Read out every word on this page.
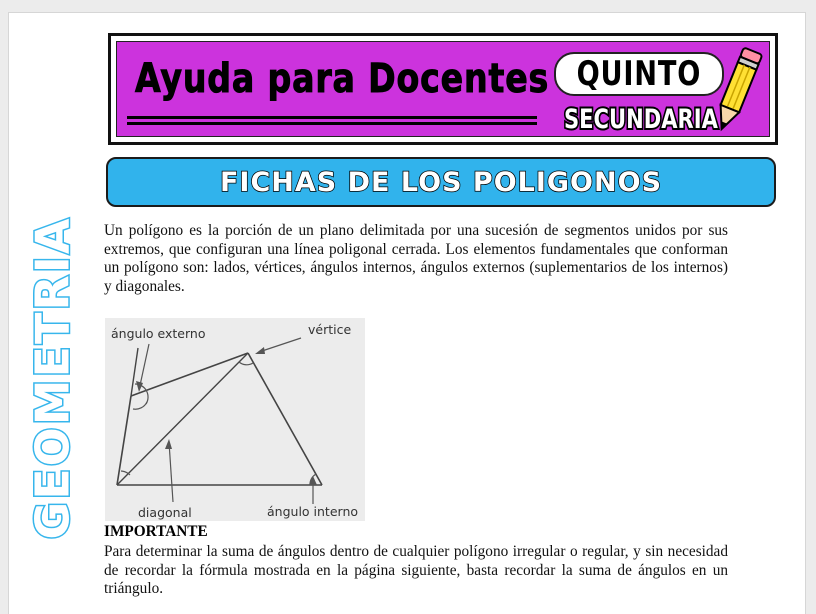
GEOMETRIA
Ayuda para Docentes QUINTO
SECUNDARIA
FICHAS DE LOS POLIGONOS

Un polígono es la porción de un plano delimitada por una sucesión de segmentos unidos por sus extremos, que configuran una línea poligonal cerrada. Los elementos fundamentales que conforman un polígono son: lados, vértices, ángulos internos, ángulos externos (suplementarios de los internos) y diagonales.

ángulo externo	vértice
diagonal	ángulo interno
IMPORTANTE

Para determinar la suma de ángulos dentro de cualquier polígono irregular o regular, y sin necesidad de recordar la fórmula mostrada en la página siguiente, basta recordar la suma de ángulos en un triángulo.
